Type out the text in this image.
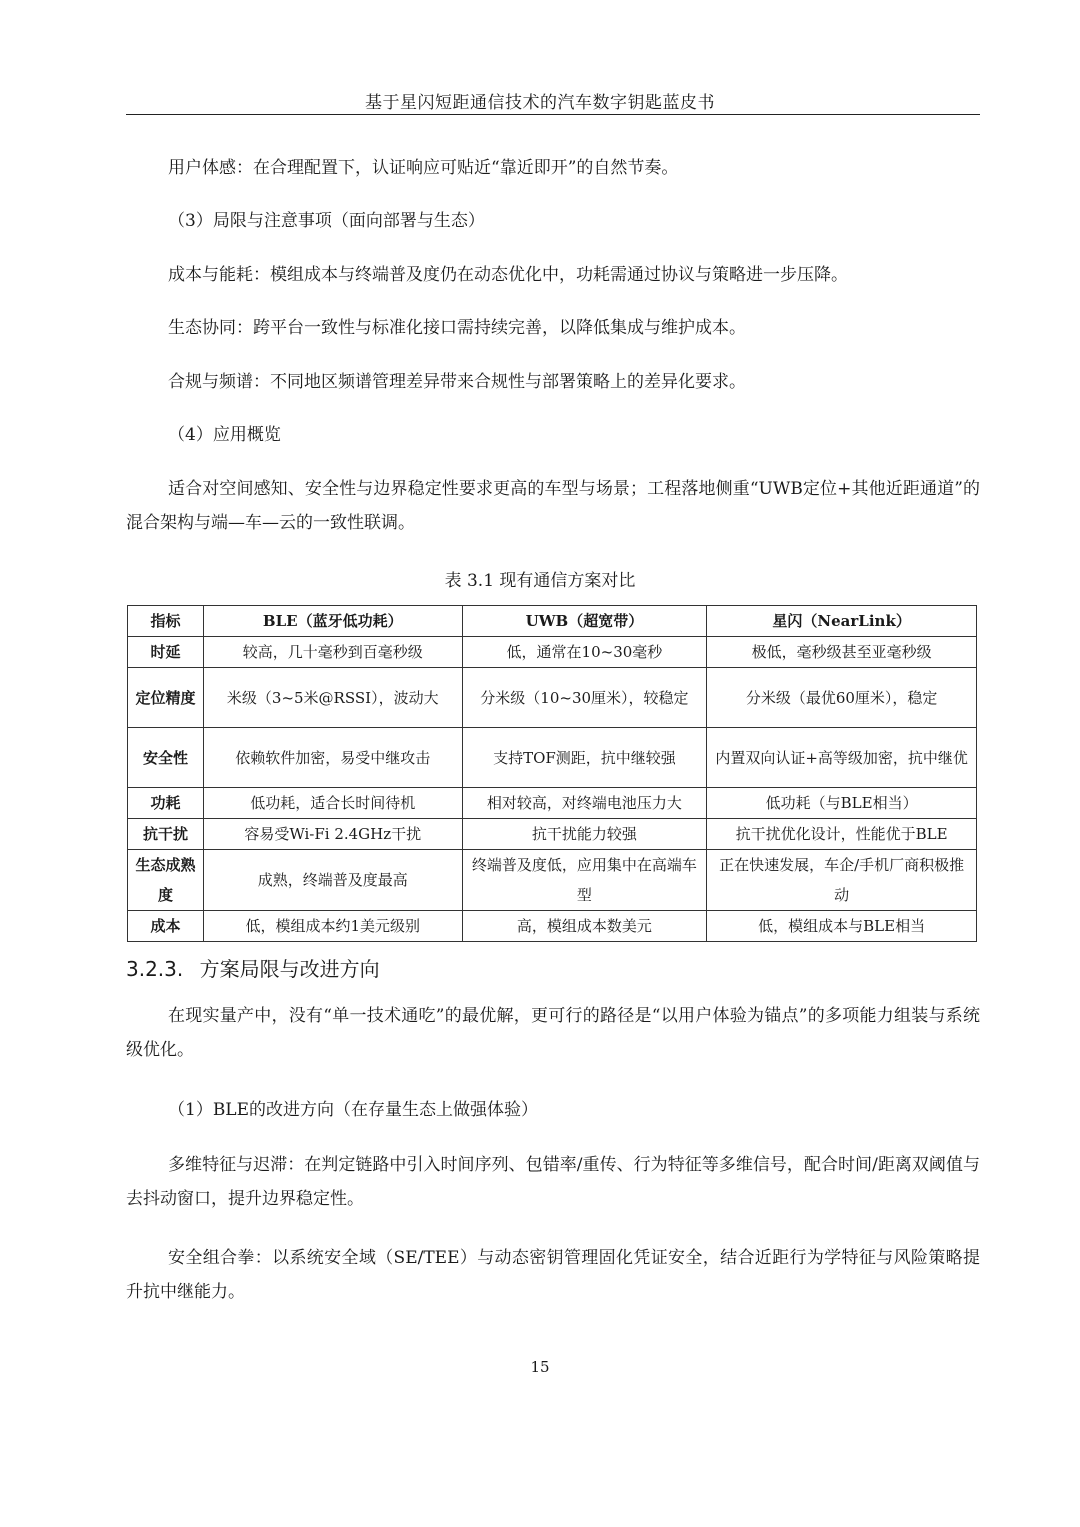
基于星闪短距通信技术的汽车数字钥匙蓝皮书

用户体感：在合理配置下，认证响应可贴近“靠近即开”的自然节奏。

（3）局限与注意事项（面向部署与生态）

成本与能耗：模组成本与终端普及度仍在动态优化中，功耗需通过协议与策略进一步压降。

生态协同：跨平台一致性与标准化接口需持续完善，以降低集成与维护成本。

合规与频谱：不同地区频谱管理差异带来合规性与部署策略上的差异化要求。

（4）应用概览

适合对空间感知、安全性与边界稳定性要求更高的车型与场景；工程落地侧重“UWB定位+其他近距通道”的混合架构与端—车—云的一致性联调。

表 3.1 现有通信方案对比
指标	BLE（蓝牙低功耗）	UWB（超宽带）	星闪（NearLink）
时延	较高，几十毫秒到百毫秒级	低，通常在10~30毫秒	极低，毫秒级甚至亚毫秒级
定位精度	米级（3~5米@RSSI），波动大	分米级（10~30厘米），较稳定	分米级（最优60厘米），稳定
安全性	依赖软件加密，易受中继攻击	支持TOF测距，抗中继较强	内置双向认证+高等级加密，抗中继优
功耗	低功耗，适合长时间待机	相对较高，对终端电池压力大	低功耗（与BLE相当）
抗干扰	容易受Wi-Fi 2.4GHz干扰	抗干扰能力较强	抗干扰优化设计，性能优于BLE
生态成熟度	成熟，终端普及度最高	终端普及度低，应用集中在高端车型	正在快速发展，车企/手机厂商积极推动
成本	低，模组成本约1美元级别	高，模组成本数美元	低，模组成本与BLE相当
3.2.3. 方案局限与改进方向

在现实量产中，没有“单一技术通吃”的最优解，更可行的路径是“以用户体验为锚点”的多项能力组装与系统级优化。

（1）BLE的改进方向（在存量生态上做强体验）

多维特征与迟滞：在判定链路中引入时间序列、包错率/重传、行为特征等多维信号，配合时间/距离双阈值与去抖动窗口，提升边界稳定性。

安全组合拳：以系统安全域（SE/TEE）与动态密钥管理固化凭证安全，结合近距行为学特征与风险策略提升抗中继能力。

15
